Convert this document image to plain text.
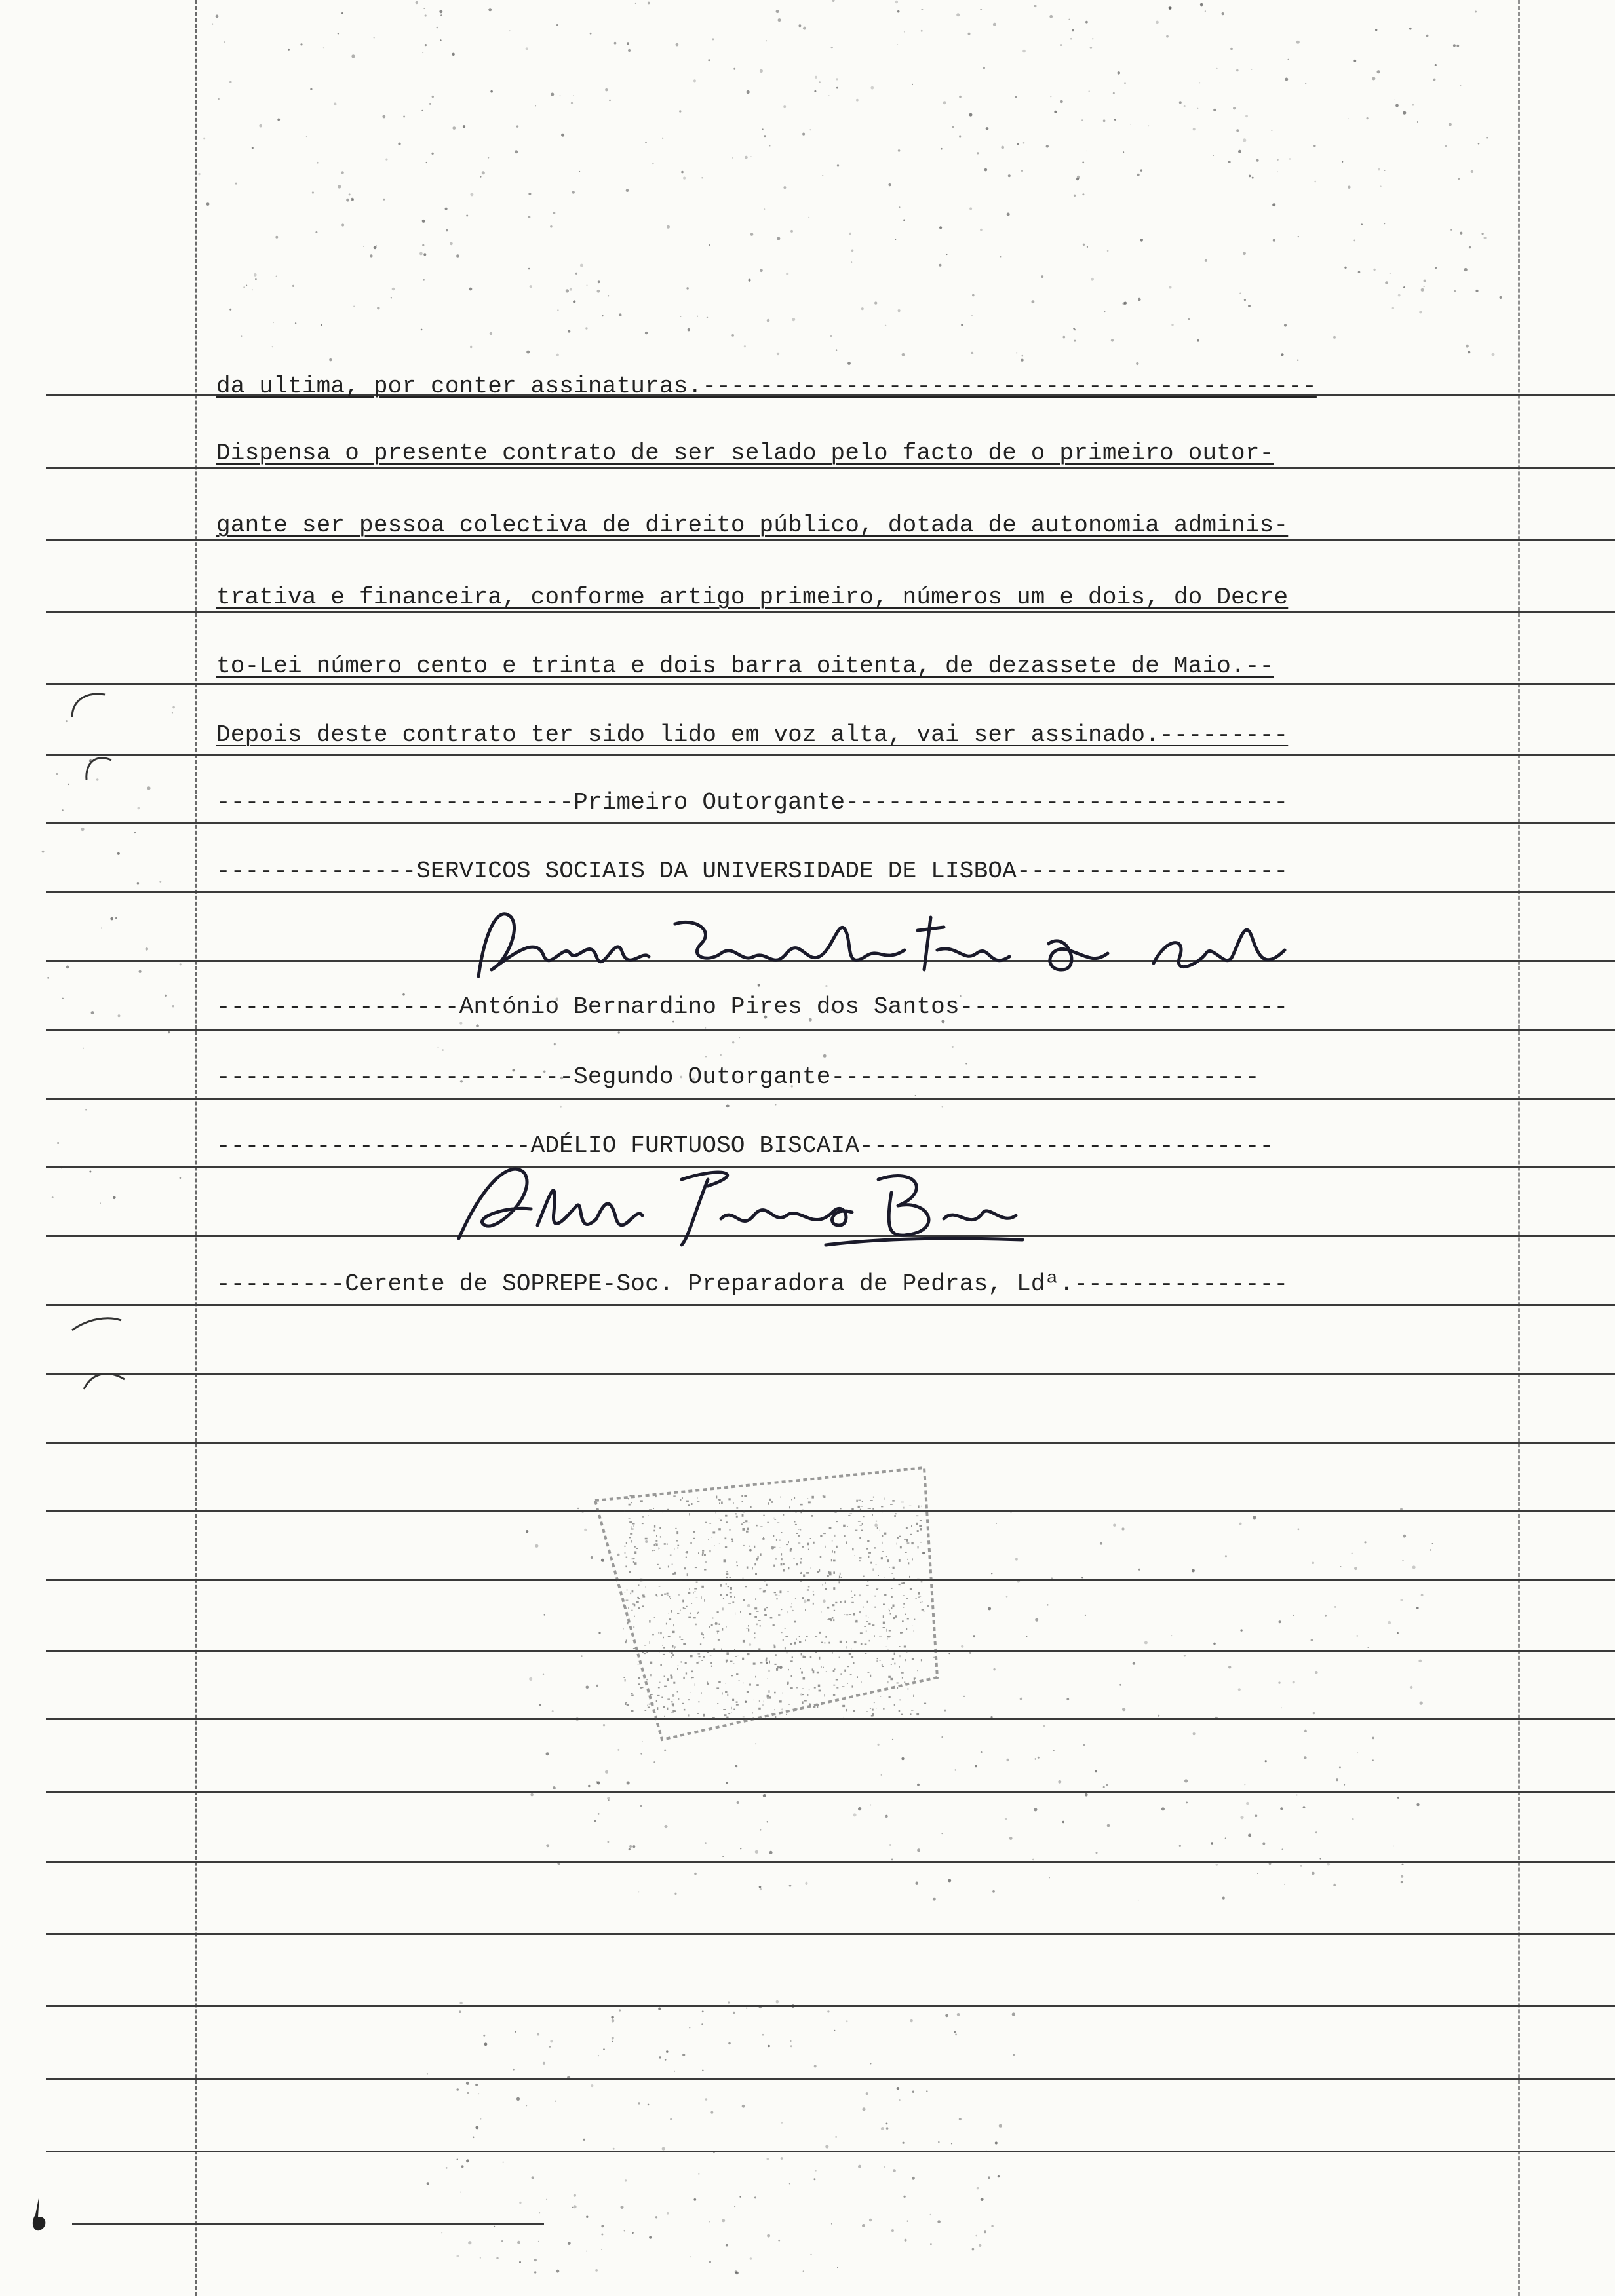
da ultima, por conter assinaturas.-------------------------------------------
Dispensa o presente contrato de ser selado pelo facto de o primeiro outor-
gante ser pessoa colectiva de direito público, dotada de autonomia adminis-
trativa e financeira, conforme artigo primeiro, números um e dois, do Decre
to-Lei número cento e trinta e dois barra oitenta, de dezassete de Maio.--
Depois deste contrato ter sido lido em voz alta, vai ser assinado.---------
-------------------------Primeiro Outorgante-------------------------------
--------------SERVICOS SOCIAIS DA UNIVERSIDADE DE LISBOA-------------------
-----------------António Bernardino Pires dos Santos-----------------------
-------------------------Segundo Outorgante------------------------------
----------------------ADÉLIO FURTUOSO BISCAIA-----------------------------
---------Cerente de SOPREPE-Soc. Preparadora de Pedras, Ldª.---------------
